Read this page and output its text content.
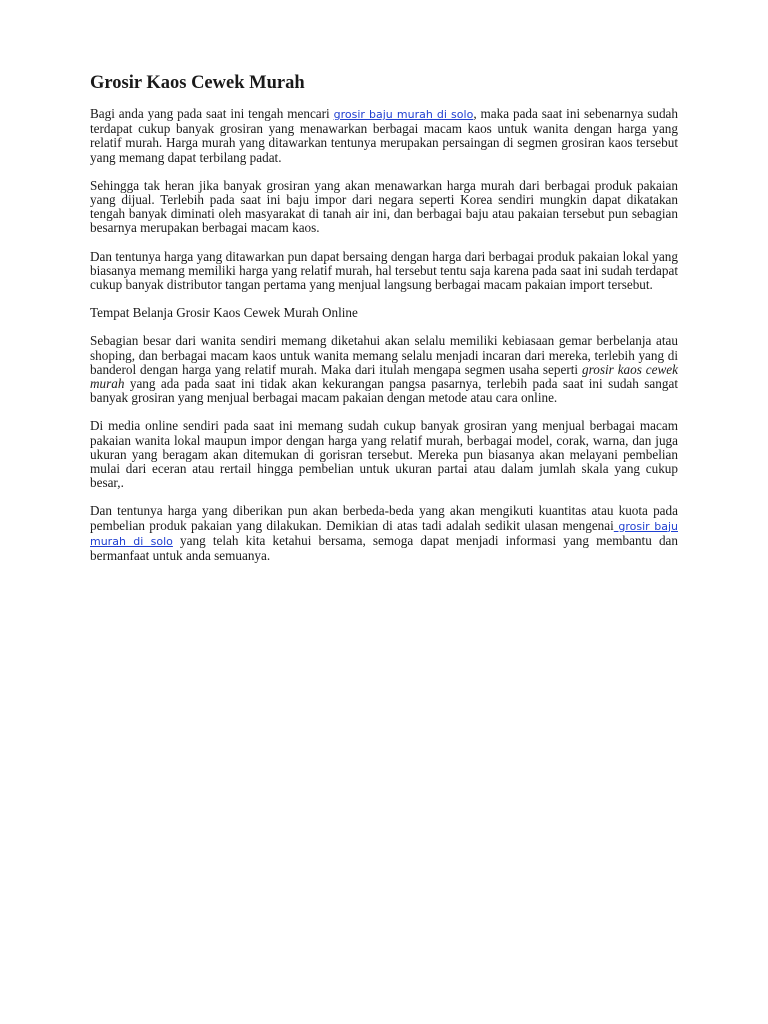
Grosir Kaos Cewek Murah

Bagi anda yang pada saat ini tengah mencari grosir baju murah di solo, maka pada saat ini sebenarnya sudah terdapat cukup banyak grosiran yang menawarkan berbagai macam kaos untuk wanita dengan harga yang relatif murah. Harga murah yang ditawarkan tentunya merupakan persaingan di segmen grosiran kaos tersebut yang memang dapat terbilang padat.

Sehingga tak heran jika banyak grosiran yang akan menawarkan harga murah dari berbagai produk pakaian yang dijual. Terlebih pada saat ini baju impor dari negara seperti Korea sendiri mungkin dapat dikatakan tengah banyak diminati oleh masyarakat di tanah air ini, dan berbagai baju atau pakaian tersebut pun sebagian besarnya merupakan berbagai macam kaos.

Dan tentunya harga yang ditawarkan pun dapat bersaing dengan harga dari berbagai produk pakaian lokal yang biasanya memang memiliki harga yang relatif murah, hal tersebut tentu saja karena pada saat ini sudah terdapat cukup banyak distributor tangan pertama yang menjual langsung berbagai macam pakaian import tersebut.

Tempat Belanja Grosir Kaos Cewek Murah Online

Sebagian besar dari wanita sendiri memang diketahui akan selalu memiliki kebiasaan gemar berbelanja atau shoping, dan berbagai macam kaos untuk wanita memang selalu menjadi incaran dari mereka, terlebih yang di banderol dengan harga yang relatif murah. Maka dari itulah mengapa segmen usaha seperti grosir kaos cewek murah yang ada pada saat ini tidak akan kekurangan pangsa pasarnya, terlebih pada saat ini sudah sangat banyak grosiran yang menjual berbagai macam pakaian dengan metode atau cara online.

Di media online sendiri pada saat ini memang sudah cukup banyak grosiran yang menjual berbagai macam pakaian wanita lokal maupun impor dengan harga yang relatif murah, berbagai model, corak, warna, dan juga ukuran yang beragam akan ditemukan di gorisran tersebut. Mereka pun biasanya akan melayani pembelian mulai dari eceran atau rertail hingga pembelian untuk ukuran partai atau dalam jumlah skala yang cukup besar,.

Dan tentunya harga yang diberikan pun akan berbeda-beda yang akan mengikuti kuantitas atau kuota pada pembelian produk pakaian yang dilakukan. Demikian di atas tadi adalah sedikit ulasan mengenai grosir baju murah di solo yang telah kita ketahui bersama, semoga dapat menjadi informasi yang membantu dan bermanfaat untuk anda semuanya.
